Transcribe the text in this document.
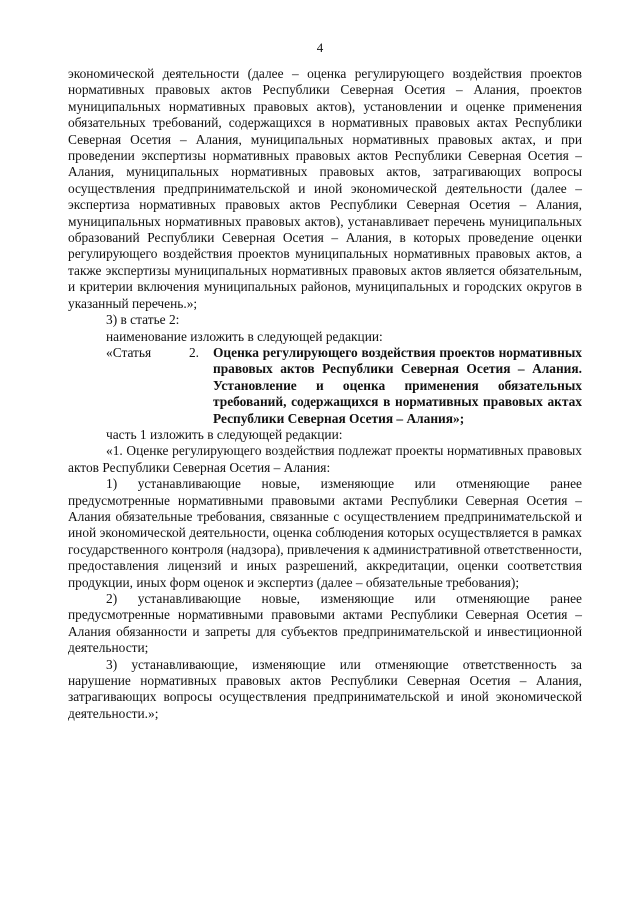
4

экономической деятельности (далее – оценка регулирующего воздействия проектов нормативных правовых актов Республики Северная Осетия – Алания, проектов муниципальных нормативных правовых актов), установлении и оценке применения обязательных требований, содержащихся в нормативных правовых актах Республики Северная Осетия – Алания, муниципальных нормативных правовых актах, и при проведении экспертизы нормативных правовых актов Республики Северная Осетия – Алания, муниципальных нормативных правовых актов, затрагивающих вопросы осуществления предпринимательской и иной экономической деятельности (далее – экспертиза нормативных правовых актов Республики Северная Осетия – Алания, муниципальных нормативных правовых актов), устанавливает перечень муниципальных образований Республики Северная Осетия – Алания, в которых проведение оценки регулирующего воздействия проектов муниципальных нормативных правовых актов, а также экспертизы муниципальных нормативных правовых актов является обязательным, и критерии включения муниципальных районов, муниципальных и городских округов в указанный перечень.»;

3) в статье 2:

наименование изложить в следующей редакции:

«Статья 2.	Оценка регулирующего воздействия проектов нормативных правовых актов Республики Северная Осетия – Алания. Установление и оценка применения обязательных требований, содержащихся в нормативных правовых актах Республики Северная Осетия – Алания»;

часть 1 изложить в следующей редакции:

«1. Оценке регулирующего воздействия подлежат проекты нормативных правовых актов Республики Северная Осетия – Алания:

1) устанавливающие новые, изменяющие или отменяющие ранее предусмотренные нормативными правовыми актами Республики Северная Осетия – Алания обязательные требования, связанные с осуществлением предпринимательской и иной экономической деятельности, оценка соблюдения которых осуществляется в рамках государственного контроля (надзора), привлечения к административной ответственности, предоставления лицензий и иных разрешений, аккредитации, оценки соответствия продукции, иных форм оценок и экспертиз (далее – обязательные требования);

2) устанавливающие новые, изменяющие или отменяющие ранее предусмотренные нормативными правовыми актами Республики Северная Осетия – Алания обязанности и запреты для субъектов предпринимательской и инвестиционной деятельности;

3) устанавливающие, изменяющие или отменяющие ответственность за нарушение нормативных правовых актов Республики Северная Осетия – Алания, затрагивающих вопросы осуществления предпринимательской и иной экономической деятельности.»;
